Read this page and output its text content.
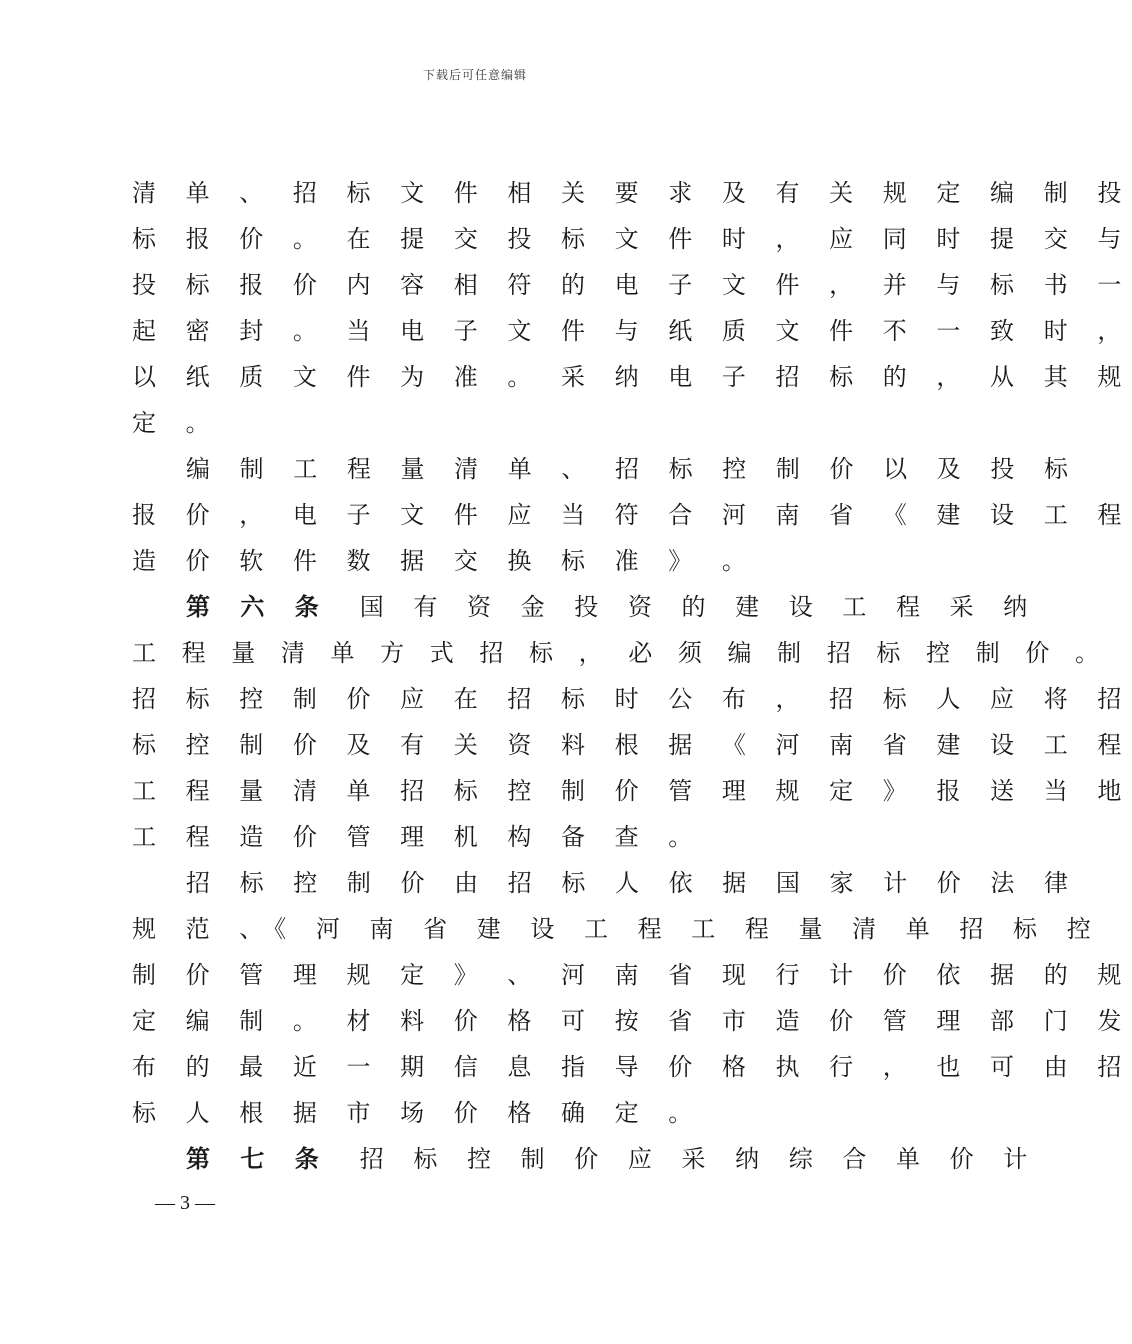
下载后可任意编辑
清 单 、 招 标 文 件 相 关 要 求 及 有 关 规 定 编 制 投
标 报 价 。 在 提 交 投 标 文 件 时 ， 应 同 时 提 交 与
投 标 报 价 内 容 相 符 的 电 子 文 件 ， 并 与 标 书 一
起 密 封 。 当 电 子 文 件 与 纸 质 文 件 不 一 致 时 ，
以 纸 质 文 件 为 准 。 采 纳 电 子 招 标 的 ， 从 其 规
定 。
编 制 工 程 量 清 单 、 招 标 控 制 价 以 及 投 标
报 价 ， 电 子 文 件 应 当 符 合 河 南 省 《 建 设 工 程
造 价 软 件 数 据 交 换 标 准 》 。
第 六 条 国 有 资 金 投 资 的 建 设 工 程 采 纳
工 程 量 清 单 方 式 招 标 ， 必 须 编 制 招 标 控 制 价 。
招 标 控 制 价 应 在 招 标 时 公 布 ， 招 标 人 应 将 招
标 控 制 价 及 有 关 资 料 根 据 《 河 南 省 建 设 工 程
工 程 量 清 单 招 标 控 制 价 管 理 规 定 》 报 送 当 地
工 程 造 价 管 理 机 构 备 查 。
招 标 控 制 价 由 招 标 人 依 据 国 家 计 价 法 律
规 范 、《 河 南 省 建 设 工 程 工 程 量 清 单 招 标 控
制 价 管 理 规 定 》 、 河 南 省 现 行 计 价 依 据 的 规
定 编 制 。 材 料 价 格 可 按 省 市 造 价 管 理 部 门 发
布 的 最 近 一 期 信 息 指 导 价 格 执 行 ， 也 可 由 招
标 人 根 据 市 场 价 格 确 定 。
第 七 条 招 标 控 制 价 应 采 纳 综 合 单 价 计
— 3 —
